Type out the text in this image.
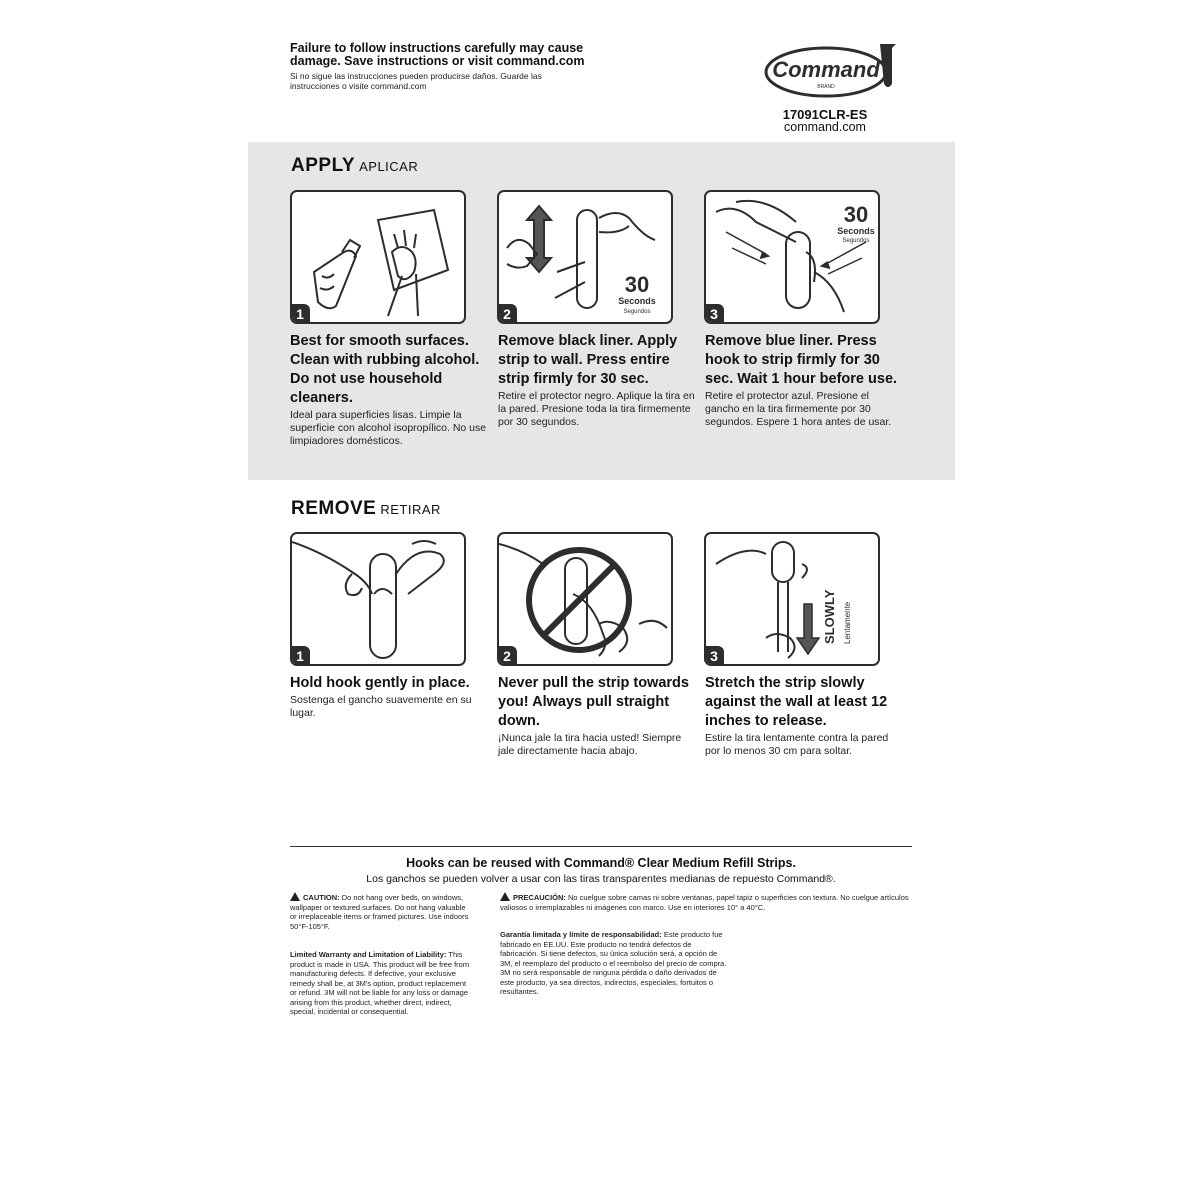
Failure to follow instructions carefully may cause damage. Save instructions or visit command.com
Si no sigue las instrucciones pueden producirse daños. Guarde las instrucciones o visite command.com
Command
BRAND
17091CLR-ES
command.com
APPLY APLICAR
1
Best for smooth surfaces. Clean with rubbing alcohol. Do not use household cleaners.
Ideal para superficies lisas. Limpie la superficie con alcohol isopropílico. No use limpiadores domésticos.
30
Seconds
Segundos
2
Remove black liner. Apply strip to wall. Press entire strip firmly for 30 sec.
Retire el protector negro. Aplique la tira en la pared. Presione toda la tira firmemente por 30 segundos.
30
Seconds
Segundos
3
Remove blue liner. Press hook to strip firmly for 30 sec. Wait 1 hour before use.
Retire el protector azul. Presione el gancho en la tira firmemente por 30 segundos. Espere 1 hora antes de usar.
REMOVE RETIRAR
1
Hold hook gently in place.
Sostenga el gancho suavemente en su lugar.
2
Never pull the strip towards you! Always pull straight down.
¡Nunca jale la tira hacia usted! Siempre jale directamente hacia abajo.
SLOWLY Lentamente
3
Stretch the strip slowly against the wall at least 12 inches to release.
Estire la tira lentamente contra la pared por lo menos 30 cm para soltar.
Hooks can be reused with Command® Clear Medium Refill Strips.
Los ganchos se pueden volver a usar con las tiras transparentes medianas de repuesto Command®.
CAUTION: Do not hang over beds, on windows, wallpaper or textured surfaces. Do not hang valuable or irreplaceable items or framed pictures. Use indoors 50°F-105°F.
Limited Warranty and Limitation of Liability: This product is made in USA. This product will be free from manufacturing defects. If defective, your exclusive remedy shall be, at 3M's option, product replacement or refund. 3M will not be liable for any loss or damage arising from this product, whether direct, indirect, special, incidental or consequential.
PRECAUCIÓN: No cuelgue sobre camas ni sobre ventanas, papel tapiz o superficies con textura. No cuelgue artículos valiosos o irremplazables ni imágenes con marco. Use en interiores 10° a 40°C.
Garantía limitada y límite de responsabilidad: Este producto fue fabricado en EE.UU. Este producto no tendrá defectos de fabricación. Si tiene defectos, su única solución será, a opción de 3M, el reemplazo del producto o el reembolso del precio de compra. 3M no será responsable de ninguna pérdida o daño derivados de este producto, ya sea directos, indirectos, especiales, fortuitos o resultantes.
